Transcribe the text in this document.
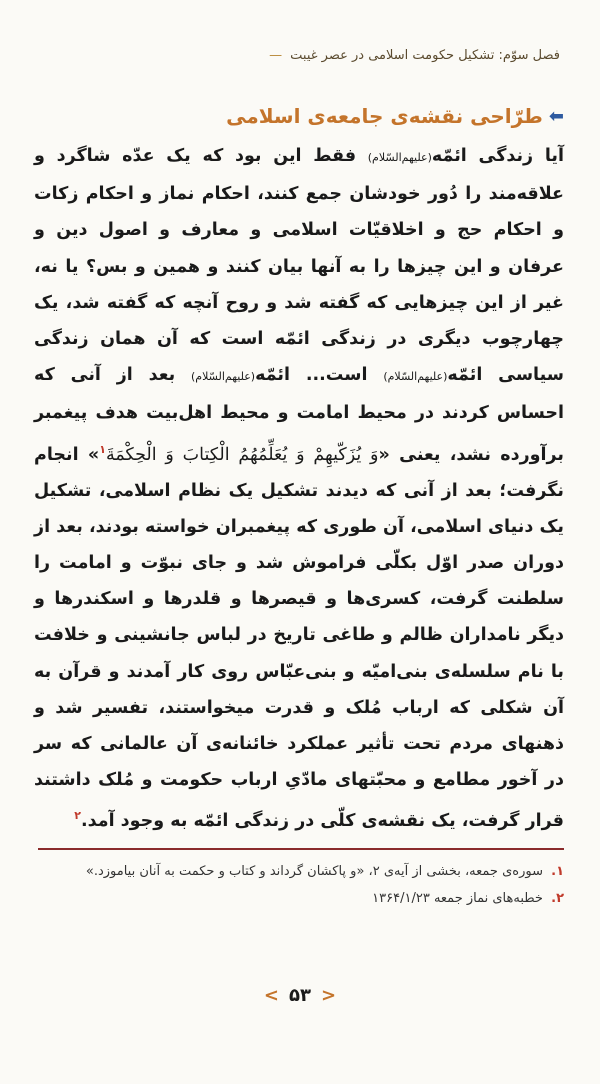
فصل سوّم: تشکیل حکومت اسلامی در عصر غیبت
—
⬅
طرّاحی نقشه‌ی جامعه‌ی اسلامی
آیا زندگی ائمّه(علیهم‌السّلام) فقط این بود که یک عدّه شاگرد و علاقه‌مند را دُور خودشان جمع کنند، احکام نماز و احکام زکات و احکام حج و اخلاقیّات اسلامی و معارف و اصول دین و عرفان و این چیزها را به آنها بیان کنند و همین و بس؟ یا نه، غیر از این چیزهایی که گفته شد و روح آنچه که گفته شد، یک چهارچوب دیگری در زندگی ائمّه است که آن همان زندگی سیاسی ائمّه(علیهم‌السّلام) است... ائمّه(علیهم‌السّلام) بعد از آنی که احساس کردند در محیط امامت و محیط اهل‌بیت هدف پیغمبر برآورده نشد، یعنی «وَ یُزَکّیهِمْ وَ یُعَلِّمُهُمُ الْکِتابَ وَ الْحِکْمَةَ$^۱$» انجام نگرفت؛ بعد از آنی که دیدند تشکیل یک نظام اسلامی، تشکیل یک دنیای اسلامی، آن طوری که پیغمبران خواسته بودند، بعد از دوران صدر اوّل بکلّی فراموش شد و جای نبوّت و امامت را سلطنت گرفت، کسری‌ها و قیصرها و قلدرها و اسکندرها و دیگر نامداران ظالم و طاغی تاریخ در لباس جانشینی و خلافت با نام سلسله‌ی بنی‌امیّه و بنی‌عبّاس روی کار آمدند و قرآن به آن شکلی که ارباب مُلک و قدرت میخواستند، تفسیر شد و ذهنهای مردم تحت تأثیر عملکرد خائنانه‌ی آن عالمانی که سر در آخور مطامع و محبّتهای مادّیِ ارباب حکومت و مُلک داشتند قرار گرفت، یک نقشه‌ی کلّی در زندگی ائمّه به وجود آمد.$^۲$
۱. سوره‌ی جمعه، بخشی از آیه‌ی ۲، «و پاکشان گرداند و کتاب و حکمت به آنان بیاموزد.»
۲. خطبه‌های نماز جمعه ۱۳۶۴/۱/۲۳
< ۵۳ >
